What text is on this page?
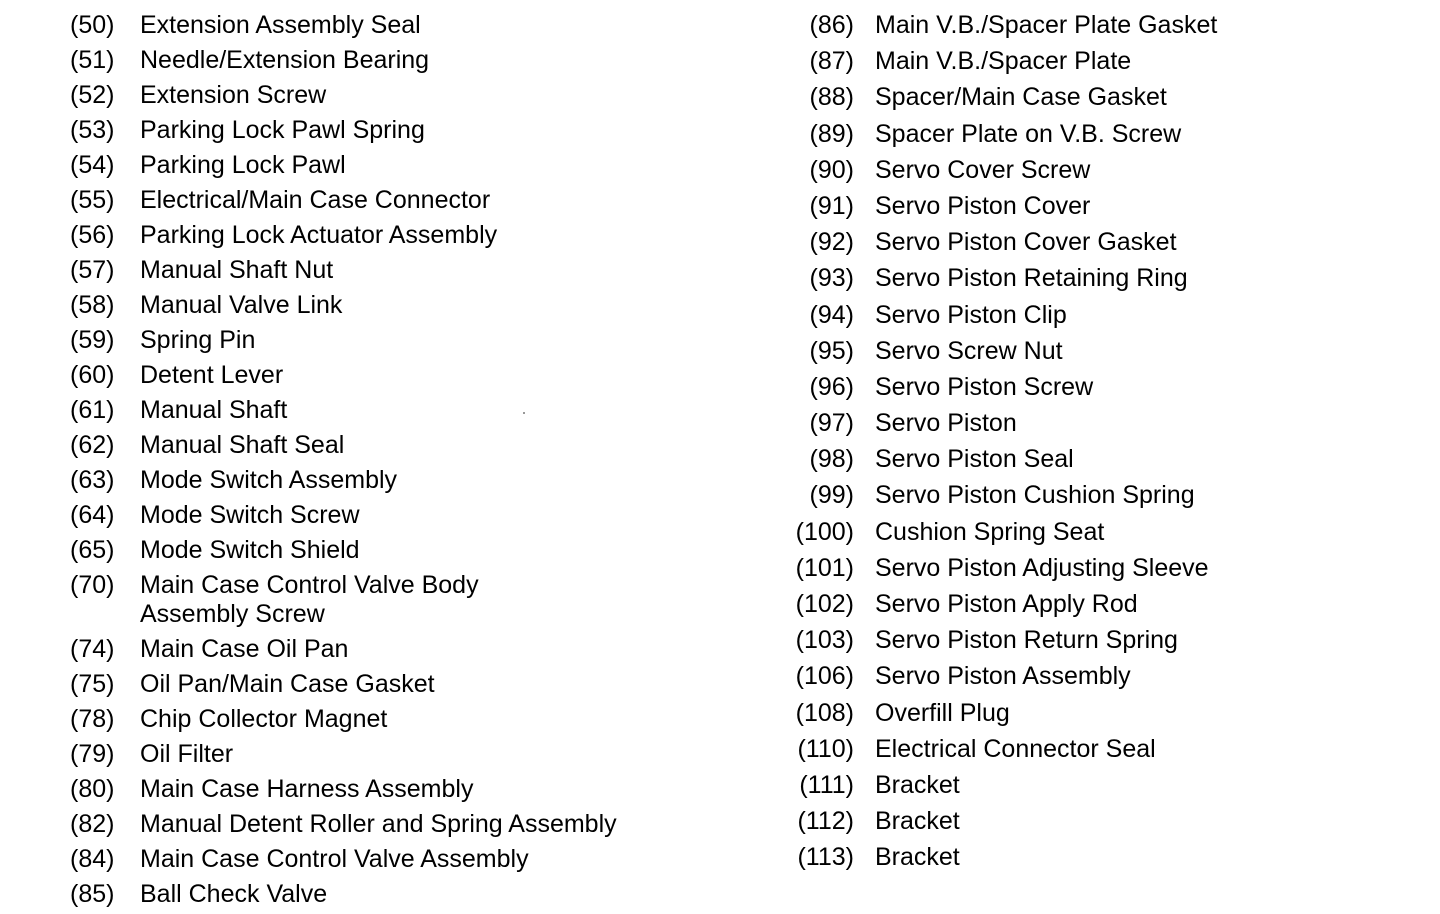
(50) Extension Assembly Seal
(51) Needle/Extension Bearing
(52) Extension Screw
(53) Parking Lock Pawl Spring
(54) Parking Lock Pawl
(55) Electrical/Main Case Connector
(56) Parking Lock Actuator Assembly
(57) Manual Shaft Nut
(58) Manual Valve Link
(59) Spring Pin
(60) Detent Lever
(61) Manual Shaft
(62) Manual Shaft Seal
(63) Mode Switch Assembly
(64) Mode Switch Screw
(65) Mode Switch Shield
(70) Main Case Control Valve Body
Assembly Screw
(74) Main Case Oil Pan
(75) Oil Pan/Main Case Gasket
(78) Chip Collector Magnet
(79) Oil Filter
(80) Main Case Harness Assembly
(82) Manual Detent Roller and Spring Assembly
(84) Main Case Control Valve Assembly
(85) Ball Check Valve
(86) Main V.B./Spacer Plate Gasket
(87) Main V.B./Spacer Plate
(88) Spacer/Main Case Gasket
(89) Spacer Plate on V.B. Screw
(90) Servo Cover Screw
(91) Servo Piston Cover
(92) Servo Piston Cover Gasket
(93) Servo Piston Retaining Ring
(94) Servo Piston Clip
(95) Servo Screw Nut
(96) Servo Piston Screw
(97) Servo Piston
(98) Servo Piston Seal
(99) Servo Piston Cushion Spring
(100) Cushion Spring Seat
(101) Servo Piston Adjusting Sleeve
(102) Servo Piston Apply Rod
(103) Servo Piston Return Spring
(106) Servo Piston Assembly
(108) Overfill Plug
(110) Electrical Connector Seal
(111) Bracket
(112) Bracket
(113) Bracket
